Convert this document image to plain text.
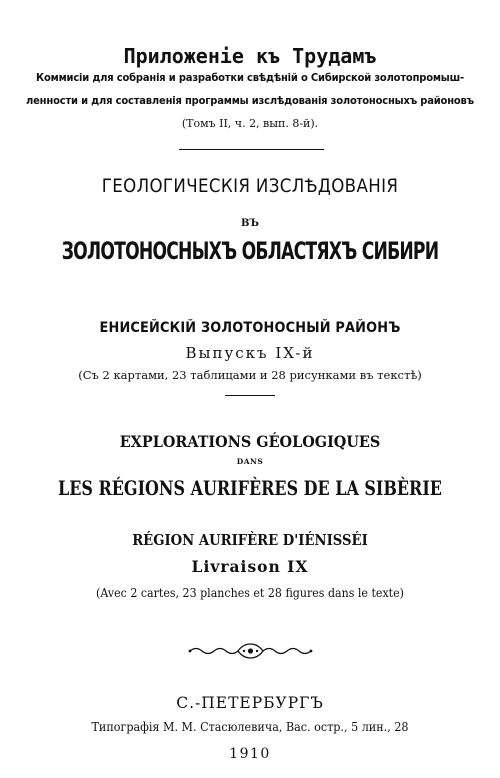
Приложеніе къ Трудамъ
Коммисіи для собранія и разработки свѣдѣній о Сибирской золотопромыш-
ленности и для составленія программы изслѣдованія золотоносныхъ районовъ
(Томъ II, ч. 2, вып. 8-й).
ГЕОЛОГИЧЕСКІЯ ИЗСЛѢДОВАНІЯ
ВЪ
ЗОЛОТОНОСНЫХЪ ОБЛАСТЯХЪ СИБИРИ
ЕНИСЕЙСКІЙ ЗОЛОТОНОСНЫЙ РАЙОНЪ
Выпускъ IX-й
(Съ 2 картами, 23 таблицами и 28 рисунками въ текстѣ)
EXPLORATIONS GÉOLOGIQUES
DANS
LES RÉGIONS AURIFÈRES DE LA SIBÈRIE
RÉGION AURIFÈRE D'IÉNISSÉI
Livraison IX
(Avec 2 cartes, 23 planches et 28 figures dans le texte)
С.-ПЕТЕРБУРГЪ
Типографія М. М. Стасюлевича, Вас. остр., 5 лин., 28
1910
